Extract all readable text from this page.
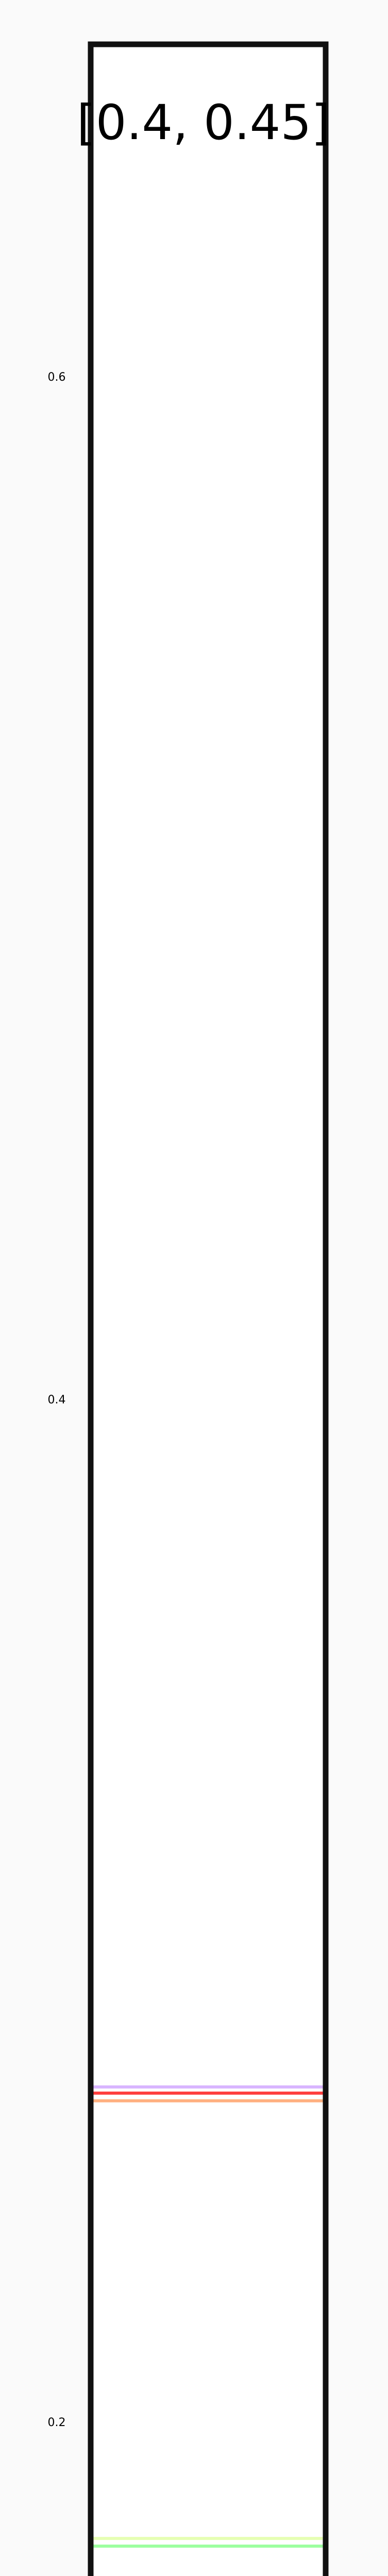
0.2
0.4
0.6
[0.4, 0.45]
